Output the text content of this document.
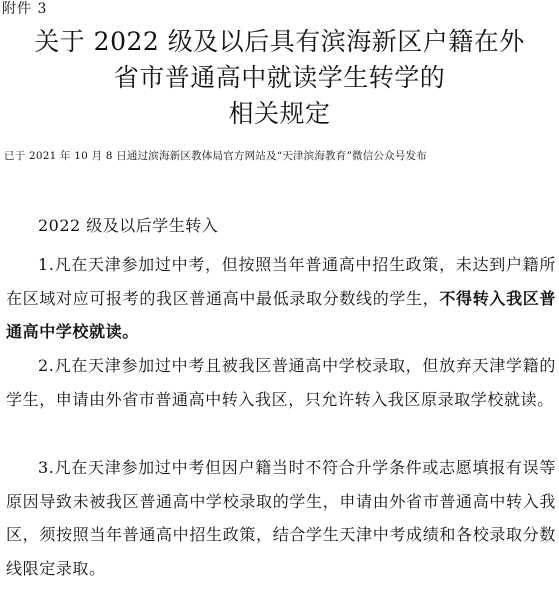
附件 3
关于 2022 级及以后具有滨海新区户籍在外
省市普通高中就读学生转学的
相关规定
已于 2021 年 10 月 8 日通过滨海新区教体局官方网站及“天津滨海教育”微信公众号发布
2022 级及以后学生转入

1.凡在天津参加过中考，但按照当年普通高中招生政策，未达到户籍所在区域对应可报考的我区普通高中最低录取分数线的学生，不得转入我区普通高中学校就读。

2.凡在天津参加过中考且被我区普通高中学校录取，但放弃天津学籍的学生，申请由外省市普通高中转入我区，只允许转入我区原录取学校就读。

3.凡在天津参加过中考但因户籍当时不符合升学条件或志愿填报有误等原因导致未被我区普通高中学校录取的学生，申请由外省市普通高中转入我区，须按照当年普通高中招生政策，结合学生天津中考成绩和各校录取分数线限定录取。
